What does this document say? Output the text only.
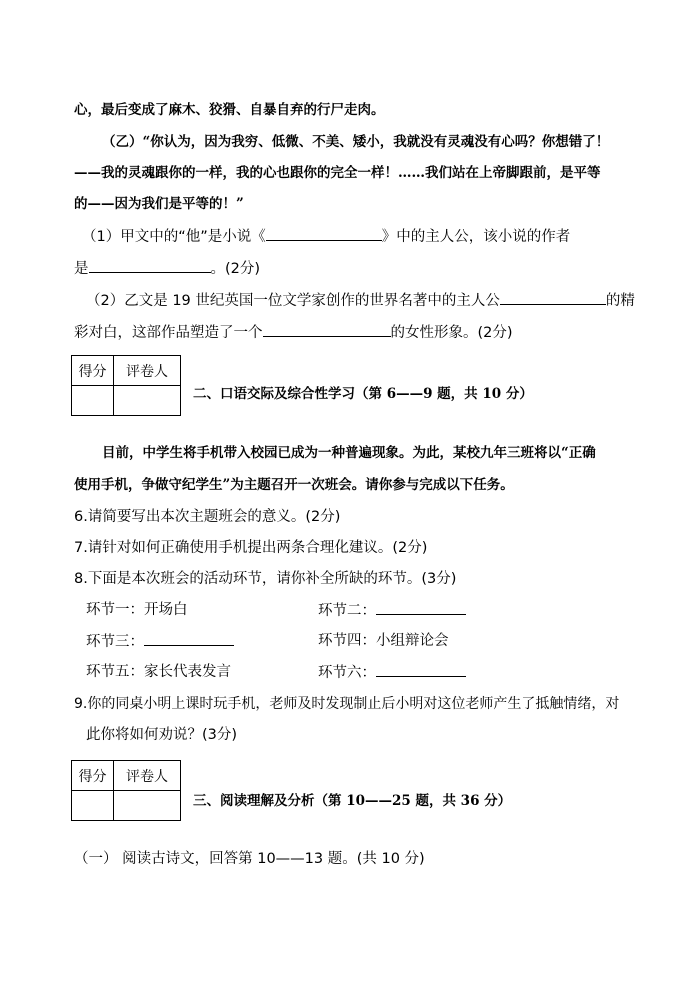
心，最后变成了麻木、狡猾、自暴自弃的行尸走肉。
（乙）“你认为，因为我穷、低微、不美、矮小，我就没有灵魂没有心吗？你想错了！
——我的灵魂跟你的一样，我的心也跟你的完全一样！……我们站在上帝脚跟前，是平等
的——因为我们是平等的！”
（1）甲文中的“他”是小说《	》中的主人公，该小说的作者
是	。(2分)
（2）乙文是 19 世纪英国一位文学家创作的世界名著中的主人公	的精
彩对白，这部作品塑造了一个	的女性形象。(2分)
得分	评卷人

二、口语交际及综合性学习（第 6——9 题，共 10 分）
目前，中学生将手机带入校园已成为一种普遍现象。为此，某校九年三班将以“正确
使用手机，争做守纪学生”为主题召开一次班会。请你参与完成以下任务。
6.请简要写出本次主题班会的意义。(2分)
7.请针对如何正确使用手机提出两条合理化建议。(2分)
8.下面是本次班会的活动环节，请你补全所缺的环节。(3分)
环节一：开场白	环节二：
环节三：	环节四：小组辩论会
环节五：家长代表发言	环节六：
9.你的同桌小明上课时玩手机，老师及时发现制止后小明对这位老师产生了抵触情绪，对
此你将如何劝说？(3分)
得分	评卷人

三、阅读理解及分析（第 10——25 题，共 36 分）
（一） 阅读古诗文，回答第 10——13 题。(共 10 分)
